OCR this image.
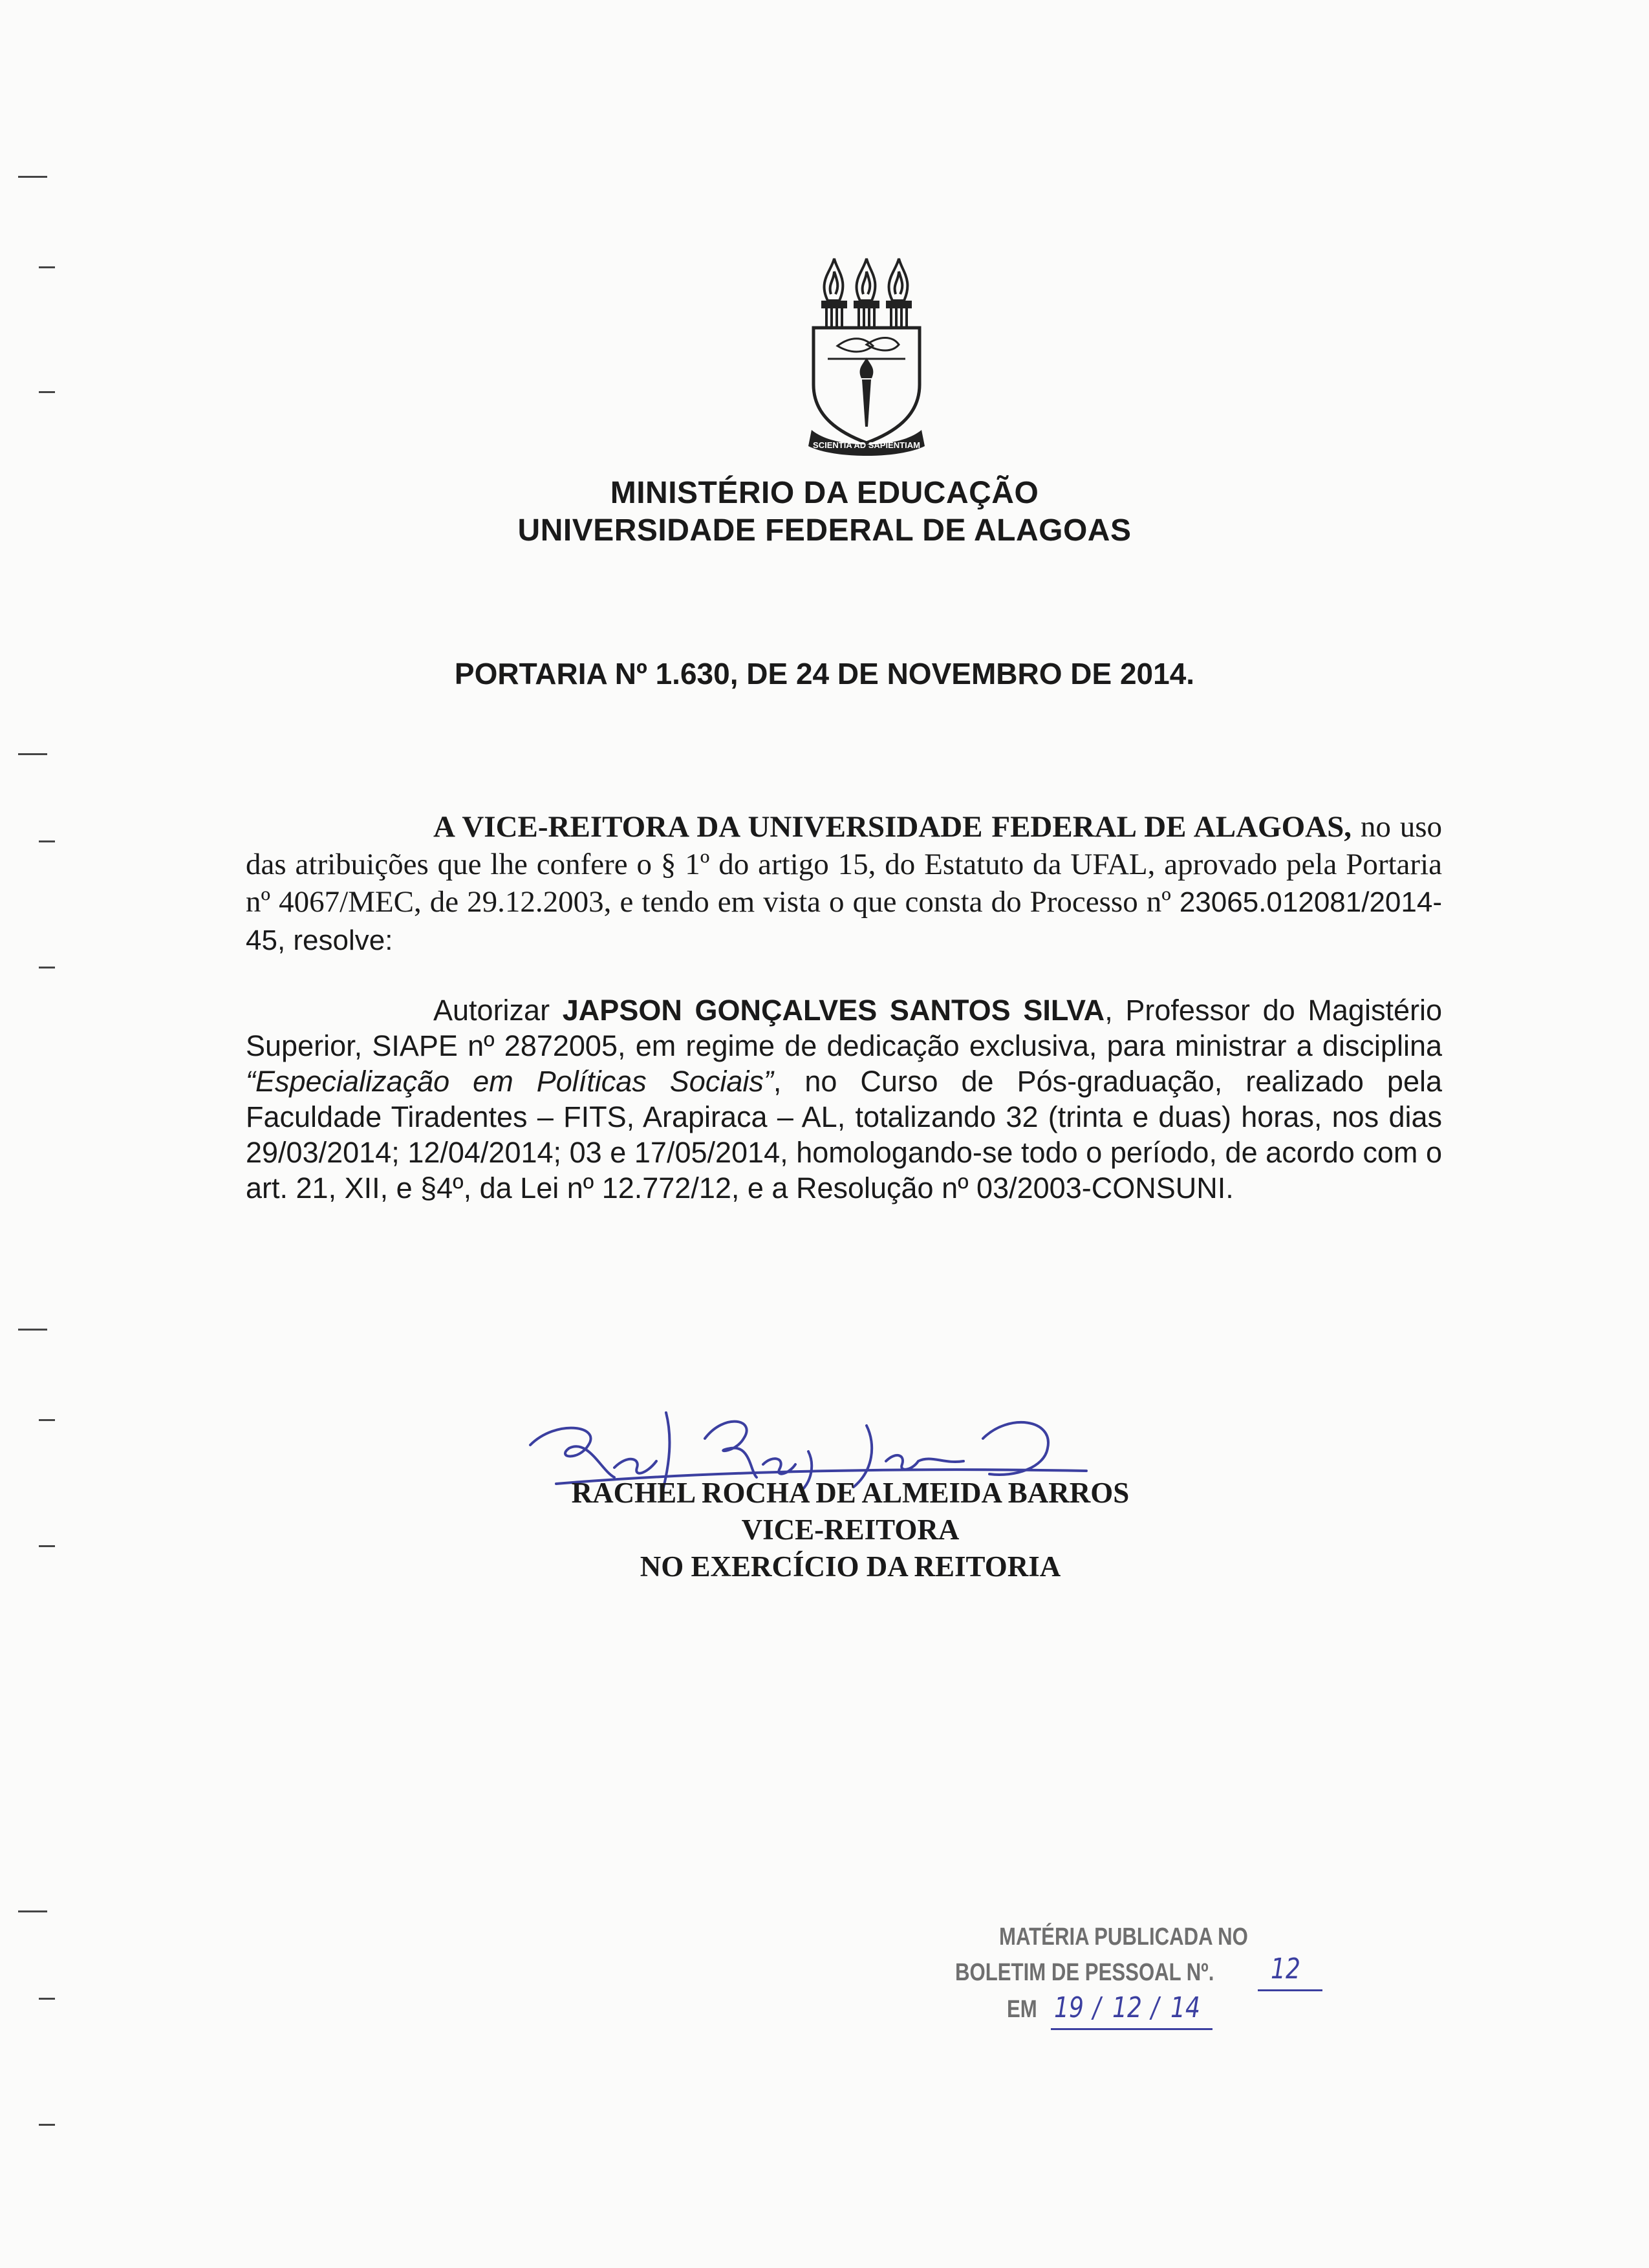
SCIENTIA AD SAPIENTIAM
MINISTÉRIO DA EDUCAÇÃO
UNIVERSIDADE FEDERAL DE ALAGOAS
PORTARIA Nº 1.630, DE 24 DE NOVEMBRO DE 2014.
A VICE-REITORA DA UNIVERSIDADE FEDERAL DE ALAGOAS, no uso das atribuições que lhe confere o § 1º do artigo 15, do Estatuto da UFAL, aprovado pela Portaria nº 4067/MEC, de 29.12.2003, e tendo em vista o que consta do Processo nº 23065.012081/2014-45, resolve:
Autorizar JAPSON GONÇALVES SANTOS SILVA, Professor do Magistério Superior, SIAPE nº 2872005, em regime de dedicação exclusiva, para ministrar a disciplina “Especialização em Políticas Sociais”, no Curso de Pós-graduação, realizado pela Faculdade Tiradentes – FITS, Arapiraca – AL, totalizando 32 (trinta e duas) horas, nos dias 29/03/2014; 12/04/2014; 03 e 17/05/2014, homologando-se todo o período, de acordo com o art. 21, XII, e §4º, da Lei nº 12.772/12, e a Resolução nº 03/2003-CONSUNI.
RACHEL ROCHA DE ALMEIDA BARROS
VICE-REITORA
NO EXERCÍCIO DA REITORIA
MATÉRIA PUBLICADA NO
BOLETIM DE PESSOAL Nº. 12
EM 19 / 12 / 14
